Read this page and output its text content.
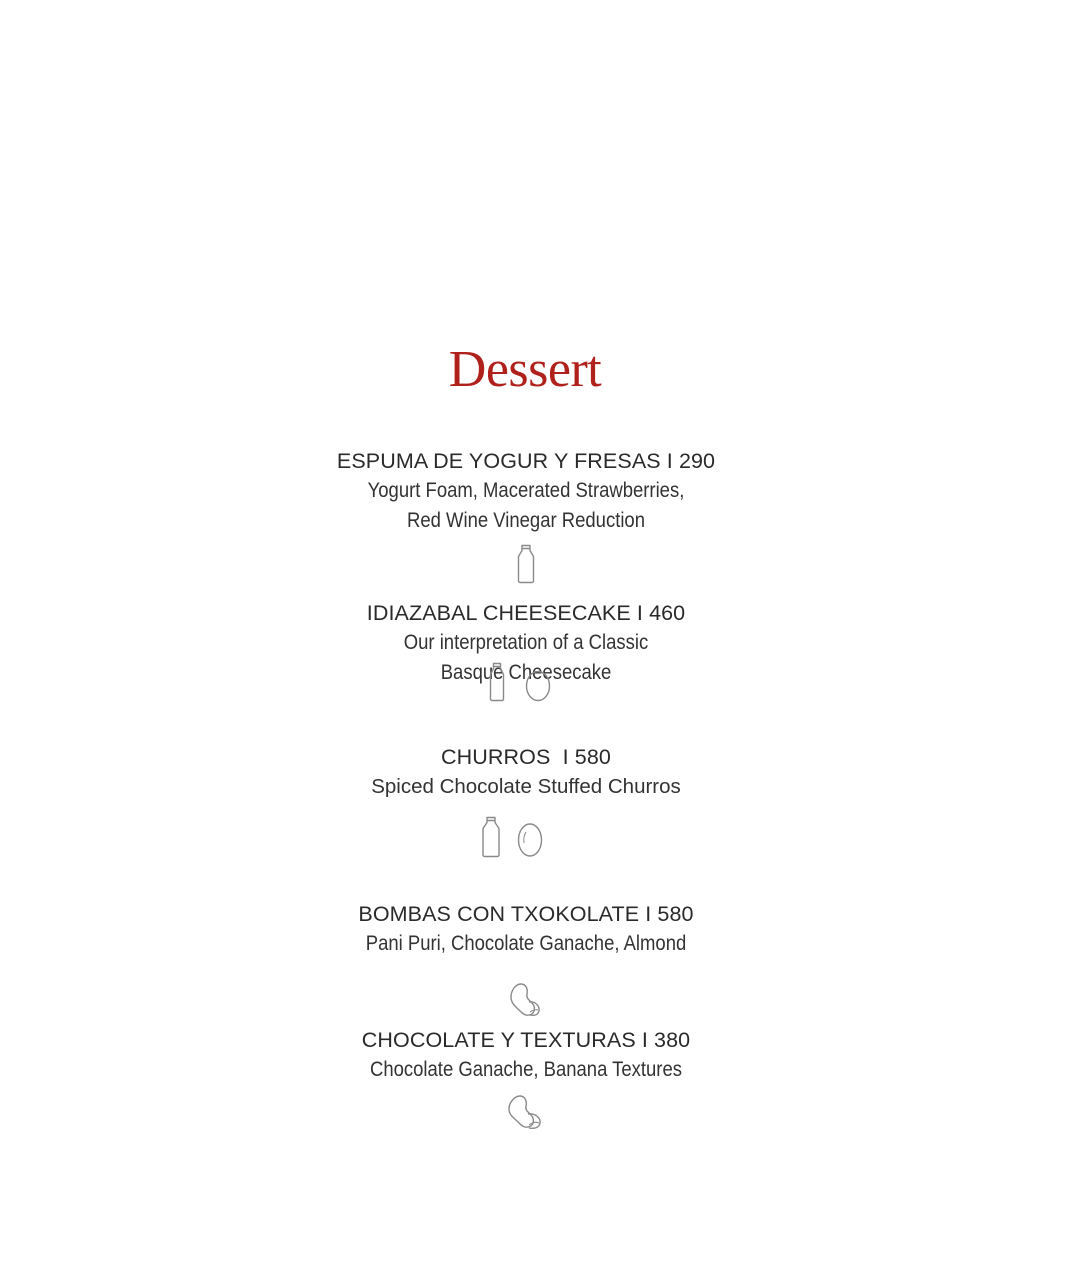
Dessert
ESPUMA DE YOGUR Y FRESAS I 290
Yogurt Foam, Macerated Strawberries,
Red Wine Vinegar Reduction
IDIAZABAL CHEESECAKE I 460
Our interpretation of a Classic
Basque Cheesecake
CHURROS  I 580
Spiced Chocolate Stuffed Churros
BOMBAS CON TXOKOLATE I 580
Pani Puri, Chocolate Ganache, Almond
CHOCOLATE Y TEXTURAS I 380
Chocolate Ganache, Banana Textures
